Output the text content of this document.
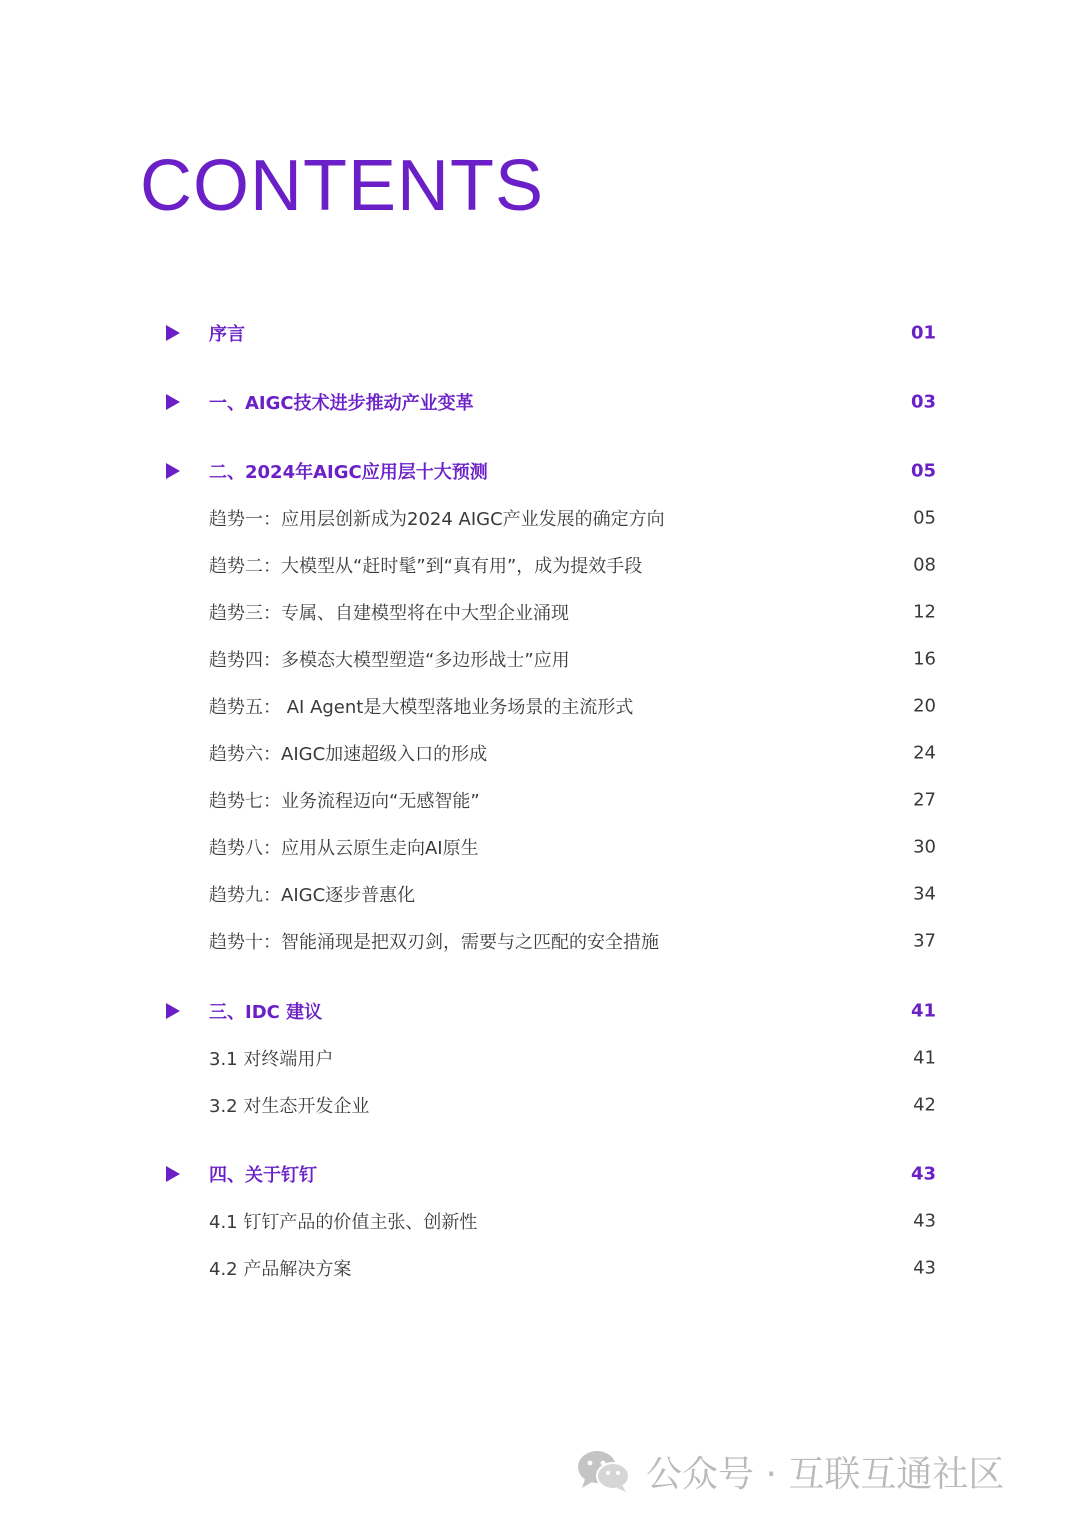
CONTENTS
序言	01
一、AIGC技术进步推动产业变革	03
二、2024年AIGC应用层十大预测	05
趋势一：应用层创新成为2024 AIGC产业发展的确定方向	05
趋势二：大模型从“赶时髦”到“真有用”，成为提效手段	08
趋势三：专属、自建模型将在中大型企业涌现	12
趋势四：多模态大模型塑造“多边形战士”应用	16
趋势五： AI Agent是大模型落地业务场景的主流形式	20
趋势六：AIGC加速超级入口的形成	24
趋势七：业务流程迈向“无感智能”	27
趋势八：应用从云原生走向AI原生	30
趋势九：AIGC逐步普惠化	34
趋势十：智能涌现是把双刃剑，需要与之匹配的安全措施	37
三、IDC 建议	41
3.1 对终端用户	41
3.2 对生态开发企业	42
四、关于钉钉	43
4.1 钉钉产品的价值主张、创新性	43
4.2 产品解决方案	43
公众号 · 互联互通社区
